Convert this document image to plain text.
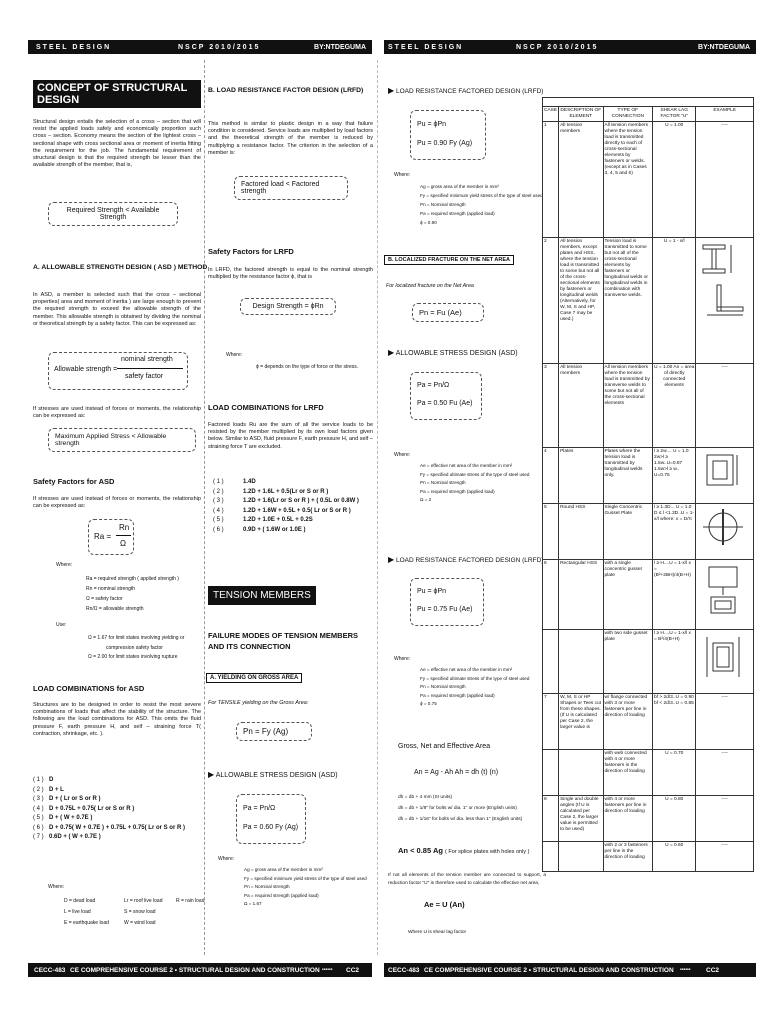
STEEL DESIGN	NSCP 2010/2015	BY:NTDEGUMA
CONCEPT OF STRUCTURAL DESIGN
Structural design entails the selection of a cross – section that will resist the applied loads safely and economically proportion such cross – section. Economy means the section of the lightest cross – sectional shape with cross sectional area or moment of inertia fitting the requirement for the job. The fundamental requirement of structural design is that the required strength be lesser than the available strength of the member, that is,
Required Strength < Available Strength
A. ALLOWABLE STRENGTH DESIGN ( ASD ) METHOD
In ASD, a member is selected such that the cross – sectional properties( area and moment of inertia ) are large enough to prevent the required strength to exceed the allowable strength of the member. This allowable strength is obtained by dividing the nominal or theoretical strength by a safety factor. This can be expressed as:
Allowable strength =
nominal strength
safety factor
If stresses are used instead of forces or moments, the relationship can be expressed as:
Maximum Applied Stress < Allowable strength
Safety Factors for ASD
If stresses are used instead of forces or moments, the relationship can be expressed as:
Ra =
Rn
Ω
Where:
Ra = required strength ( applied strength )
Rn = nominal strength
Ω = safety factor
Rn/Ω = allowable strength
Use:
Ω = 1.67 for limit states involving yielding or
compression safety factor
Ω = 2.00 for limit states involving rupture
LOAD COMBINATIONS for ASD
Structures are to be designed in order to resist the most severe combinations of loads that affect the stability of the structure. The following are the load combinations for ASD. This omits the fluid pressure F, earth pressure H, and self – straining force T( contraction, shrinkage, etc. ).
( 1 ) D
( 2 ) D + L
( 3 ) D + ( Lr or S or R )
( 4 ) D + 0.75L + 0.75( Lr or S or R )
( 5 ) D + ( W + 0.7E )
( 6 ) D + 0.75( W + 0.7E ) + 0.75L + 0.75( Lr or S or R )
( 7 ) 0.6D + ( W + 0.7E )
Where:
D = dead load	Lr = roof live load	R = rain load
L = live load	S = snow load
E = earthquake load	W = wind load
B. LOAD RESISTANCE FACTOR DESIGN (LRFD)
This method is similar to plastic design in a way that failure condition is considered. Service loads are multiplied by load factors and the theoretical strength of the member is reduced by multiplying a resistance factor. The criterion in the selection of a member is:
Factored load < Factored strength
Safety Factors for LRFD
In LRFD, the factored strength is equal to the nominal strength multiplied by the resistance factor ϕ, that is
Design Strength = ϕRn
Where:
ϕ = depends on the type of force or the stress.
LOAD COMBINATIONS for LRFD
Factored loads Ru are the sum of all the service loads to be resisted by the member multiplied by its own load factors given below. Similar to ASD, fluid pressure F, earth pressure H, and self – straining force T are excluded.
( 1 )	1.4D
( 2 )	1.2D + 1.6L + 0.5(Lr or S or R )
( 3 )	1.2D + 1.6(Lr or S or R ) + ( 0.5L or 0.8W )
( 4 )	1.2D + 1.6W + 0.5L + 0.5( Lr or S or R )
( 5 )	1.2D + 1.0E + 0.5L + 0.2S
( 6 )	0.9D + ( 1.6W or 1.0E )
TENSION MEMBERS
FAILURE MODES OF TENSION MEMBERS AND ITS CONNECTION
A. YIELDING ON GROSS AREA
For TENSILE yielding on the Gross Area:
Pn = Fy (Ag)
▶ ALLOWABLE STRESS DESIGN (ASD)
Pa = Pn/Ω
Pa = 0.60 Fy (Ag)
Where:
Ag = gross area of the member in mm²
Fy = specified minimum yield stress of the type of steel used
Pn = Nominal strength
Pa = required strength (applied load)
Ω = 1.67
CECC-483 CE COMPREHENSIVE COURSE 2 • STRUCTURAL DESIGN AND CONSTRUCTION •••••• CC2
STEEL DESIGN	NSCP 2010/2015	BY:NTDEGUMA
▶ LOAD RESISTANCE FACTORED DESIGN (LRFD)
Pu = ϕPn
Pu = 0.90 Fy (Ag)
Where:
Ag = gross area of the member in mm²
Fy = specified minimum yield stress of the type of steel used
Pn = Nominal strength
Pa = required strength (applied load)
ϕ = 0.90
B. LOCALIZED FRACTURE ON THE NET AREA
For localized fracture on the Net Area
Pn = Fu (Ae)
▶ ALLOWABLE STRESS DESIGN (ASD)
Pa = Pn/Ω
Pa = 0.50 Fu (Ae)
Where:
Ae = effective net area of the member in mm²
Fy = specified ultimate stress of the type of steel used
Pn = Nominal strength
Pa = required strength (applied load)
Ω = 2
▶ LOAD RESISTANCE FACTORED DESIGN (LRFD)
Pu = ϕPn
Pu = 0.75 Fu (Ae)
Where:
Ae = effective net area of the member in mm²
Fy = specified ultimate stress of the type of steel used
Pn = Nominal strength
Pa = required strength (applied load)
ϕ = 0.75
Gross, Net and Effective Area
An = Ag - Ah Ah = dh (t) (n)
dh = db + 4 mm (SI units)
dh = db + 1/8" for bolts w/ dia. 1" or more (English units)
dh = db + 1/16" for bolts w/ dia. less than 1" (English units)
An < 0.85 Ag ( For splice plates with holes only )
If not all elements of the tension member are connected to support, a reduction factor "U" is therefore used to calculate the effective net area,
Ae = U (An)
Where U is shear lag factor
SHEAR LAG FACTORS for Connections to TENSION MEMBERS				
CASE	DESCRIPTION OF ELEMENT	TYPE OF CONNECTION	SHEAR LAG FACTOR "U"	EXAMPLE
1	All tension members	All tension members where the tension load is transmitted directly to each of cross-sectional elements by fasteners or welds. (except as in Cases 3, 4, 5 and 6)	U = 1.00	----
2	All tension members, except plates and HSS, where the tension load is transmitted to some but not all of the cross-sectional elements by fasteners or longitudinal welds (Alternatively, for W, M, S and HP, Case 7 may be used.)	Tension load is transmitted to some but not all of the cross-sectional elements by fasteners or longitudinal welds or longitudinal welds in combination with transverse welds.	U = 1 - x/l	
3	All tension members	All tension members where the tension load is transmitted by transverse welds to some but not all of the cross-sectional elements	U = 1.00 An = area of directly connected elements	----
4	Plates	Plates where the tension load is transmitted by longitudinal welds only.	l ≥ 2w.... U = 1.0 2w>l ≥ 1.5w..U=0.87 1.5w>l ≥ w.. U=0.75	
5	Round HSS	Single Concentric Gusset Plate	l ≥ 1.3D... U = 1.0 D ≤ l <1.3D..U = 1-x/l where: x = D/π	
6	Rectangular HSS	with a single concentric gusset plate	l ≥ H....U = 1-x/l x = (B²+2BH)/4(B+H)	
		with two side gusset plate	l ≥ H....U = 1-x/l x = B²/4(B+H)	
7	W, M, S or HP Shapes or Tees cut from these shapes. (If U is calculated per Case 2, the larger value is	w/ flange connected with 3 or more fasteners per line in direction of loading	bf > 2d/3..U = 0.90 bf < 2d/3..U = 0.85	----
		with web connected with 4 or more fasteners in the direction of loading	U = 0.70	----
8	Single and double angles (If U is calculated per Case 2, the larger value is permitted to be used)	with 4 or more fasteners per line in direction of loading	U = 0.80	----
		with 2 or 3 fasteners per line in the direction of loading	U = 0.60	----
CECC-483 CE COMPREHENSIVE COURSE 2 • STRUCTURAL DESIGN AND CONSTRUCTION •••••• CC2
